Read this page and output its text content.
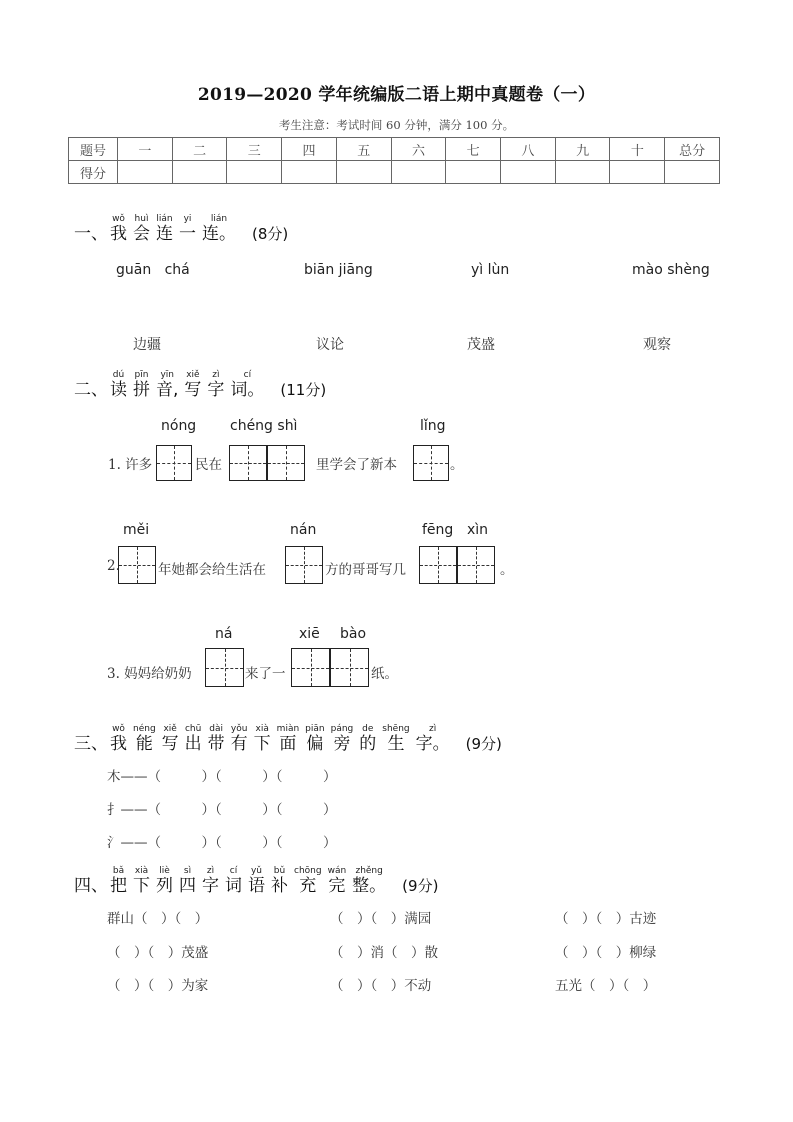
2019—2020 学年统编版二语上期中真题卷（一）
考生注意：考试时间 60 分钟，满分 100 分。
题号	一	二	三	四	五	六	七	八	九	十	总分
得分											
一、
wǒ
我
huì
会
lián
连
yi
一
lián
连。 (8分)
guān   chá	biān jiāng	yì lùn	mào shèng
边疆	议论	茂盛	观察
二、
dú
读
pīn
拼
yīn
音,
xiě
写
zì
字
cí
词。 (11分)
nóng chéng shì	lǐng
1. 许多	民在	里学会了新本	。
měi	nán	fēng xìn
2.	年她都会给生活在	方的哥哥写几	。
ná	xiē bào
3. 妈妈给奶奶	来了一	纸。
三、
wǒ
我
néng
能
xiě
写
chū
出
dài
带
yǒu
有
xià
下
miàn
面
piān
偏
páng
旁
de
的
shēng
生
zì
字。 (9分)
木——（　　　）（　　　）（　　　）
扌——（　　　）（　　　）（　　　）
氵——（　　　）（　　　）（　　　）
四、
bǎ
把
xià
下
liè
列
sì
四
zì
字
cí
词
yǔ
语
bǔ
补
chōng
充
wán
完
zhěng
整。 (9分)
群山（　）（　）	（　）（　）满园	（　）（　）古迹
（　）（　）茂盛	（　）消（　）散	（　）（　）柳绿
（　）（　）为家	（　）（　）不动	五光（　）（　）
